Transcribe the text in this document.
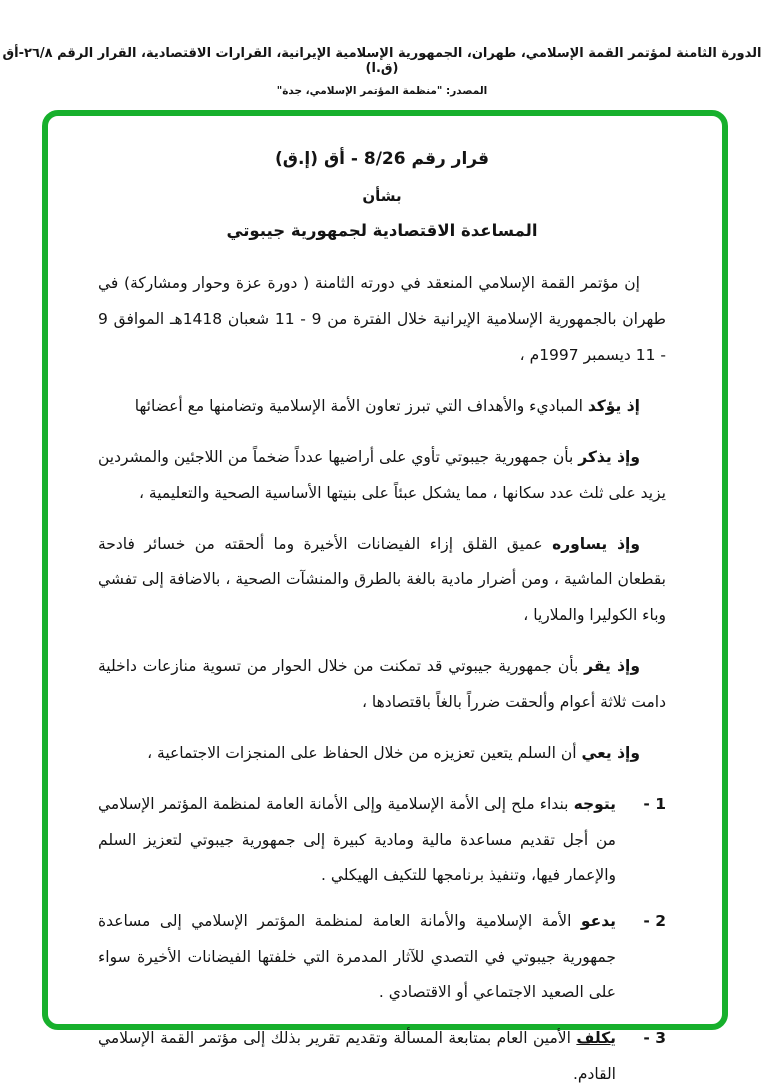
الدورة الثامنة لمؤتمر القمة الإسلامي، طهران، الجمهورية الإسلامية الإيرانية، القرارات الاقتصادية، القرار الرقم ٢٦/٨-أق (ق.ا)
المصدر: "منظمة المؤتمر الإسلامي، جدة"
قرار رقم 8/26 - أق (إ.ق)
بشأن
المساعدة الاقتصادية لجمهورية جيبوتي

إن مؤتمر القمة الإسلامي المنعقد في دورته الثامنة ( دورة عزة وحوار ومشاركة) في طهران بالجمهورية الإسلامية الإيرانية خلال الفترة من 9 - 11 شعبان 1418هـ الموافق 9 - 11 ديسمبر 1997م ،

إذ يؤكد المباديء والأهداف التي تبرز تعاون الأمة الإسلامية وتضامنها مع أعضائها

وإذ يذكر بأن جمهورية جيبوتي تأوي على أراضيها عدداً ضخماً من اللاجئين والمشردين يزيد على ثلث عدد سكانها ، مما يشكل عبئاً على بنيتها الأساسية الصحية والتعليمية ،

وإذ يساوره عميق القلق إزاء الفيضانات الأخيرة وما ألحقته من خسائر فادحة بقطعان الماشية ، ومن أضرار مادية بالغة بالطرق والمنشآت الصحية ، بالاضافة إلى تفشي وباء الكوليرا والملاريا ،

وإذ يقر بأن جمهورية جيبوتي قد تمكنت من خلال الحوار من تسوية منازعات داخلية دامت ثلاثة أعوام وألحقت ضرراً بالغاً باقتصادها ،

وإذ يعي أن السلم يتعين تعزيزه من خلال الحفاظ على المنجزات الاجتماعية ،

1 -
يتوجه بنداء ملح إلى الأمة الإسلامية وإلى الأمانة العامة لمنظمة المؤتمر الإسلامي من أجل تقديم مساعدة مالية ومادية كبيرة إلى جمهورية جيبوتي لتعزيز السلم والإعمار فيها، وتنفيذ برنامجها للتكيف الهيكلي .
2 -
يدعو الأمة الإسلامية والأمانة العامة لمنظمة المؤتمر الإسلامي إلى مساعدة جمهورية جيبوتي في التصدي للآثار المدمرة التي خلفتها الفيضانات الأخيرة سواء على الصعيد الاجتماعي أو الاقتصادي .
3 -
يكلف الأمين العام بمتابعة المسألة وتقديم تقرير بذلك إلى مؤتمر القمة الإسلامي القادم.
